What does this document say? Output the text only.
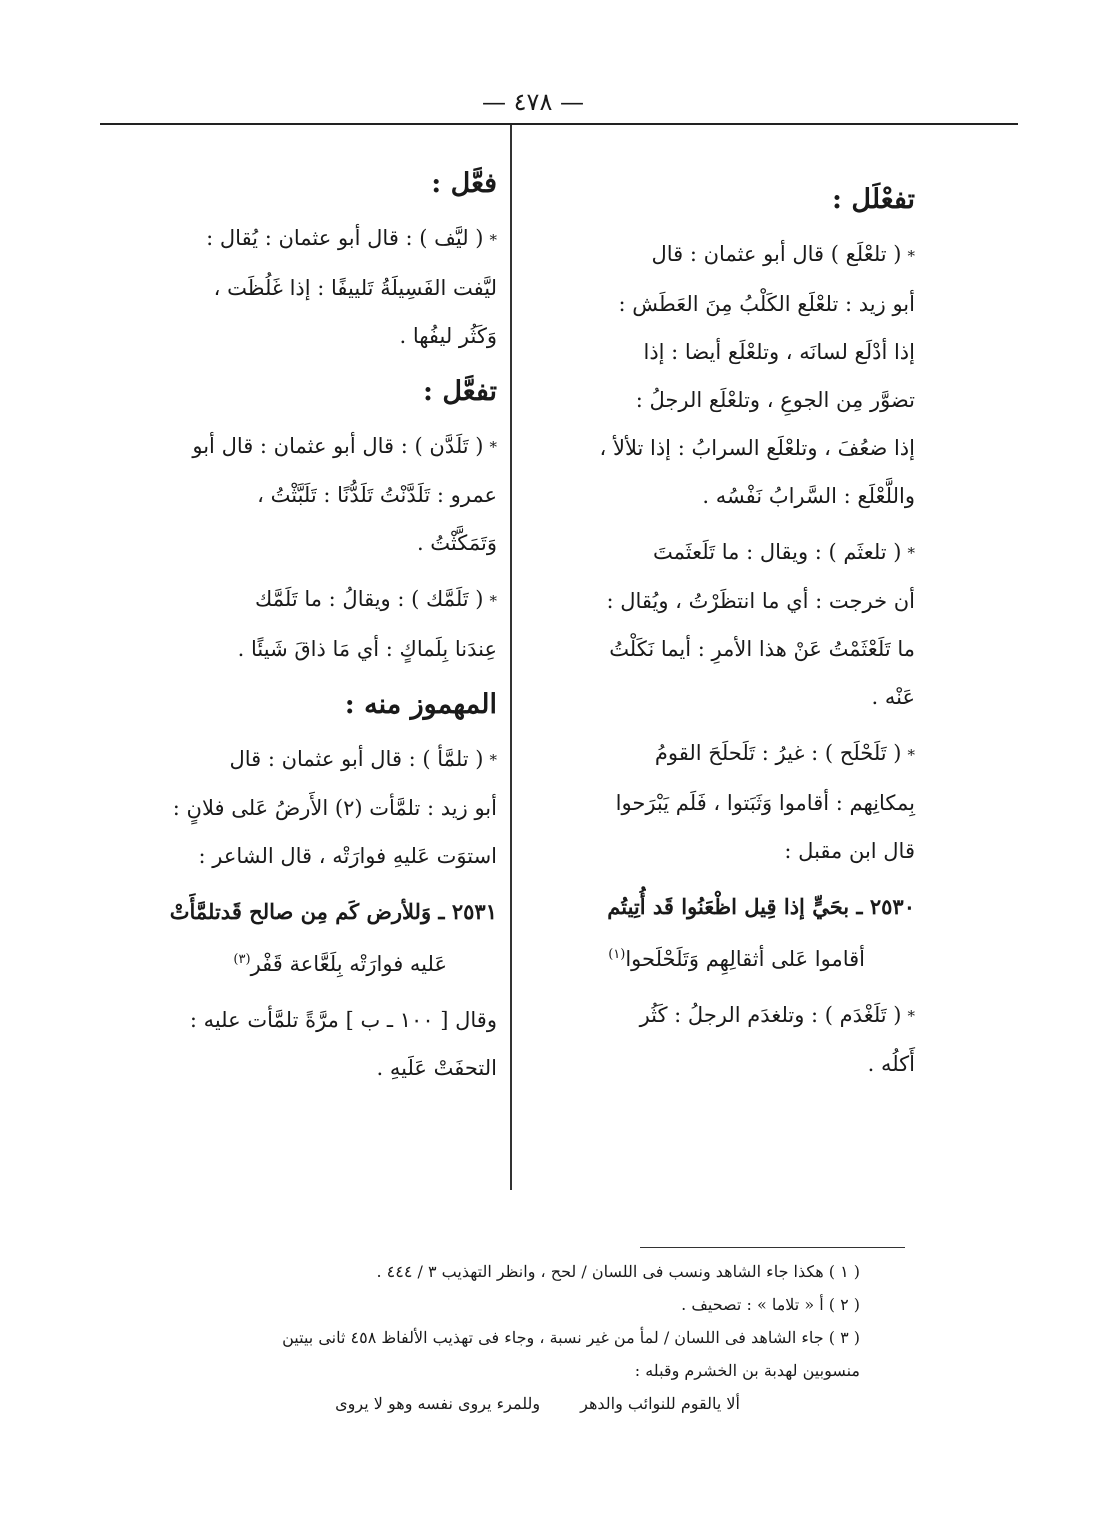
— ٤٧٨ —
تفعْلَل :

*( تلعْلَع ) قال أبو عثمان : قال

أبو زيد : تلعْلَع الكَلْبُ مِنَ العَطَش :

إذا أدْلَع لسانَه ، وتلعْلَع أيضا : إذا

تضوَّر مِن الجوعِ ، وتلعْلَع الرجلُ :

إذا ضعُفَ ، وتلعْلَع السرابُ : إذا تلألأ ،

واللَّعْلَع : السَّرابُ نَفْسُه .

*( تلعثَم ) : ويقال : ما تَلَعثَمتَ

أن خرجت : أي ما انتظَرْتُ ، ويُقال :

ما تَلَعْثَمْتُ عَنْ هذا الأمرِ : أيما نَكَلْتُ

عَنْه .

*( تَلَحْلَح ) : غيرُ : تَلَحلَحَ القومُ

بِمكانِهم : أقاموا وَثَبَتوا ، فَلَم يَبْرَحوا

قال ابن مقبل :

٢٥٣٠ ـ بحَيٍّ إذا قِيل اظْعَنُوا قَد أُتِيتُم

أقاموا عَلى أثقالِهِم وَتَلَحْلَحوا$^{(١)}$

*( تَلَغْدَم ) : وتلغدَم الرجلُ : كَثُر

أَكلُه .

فعَّل :

*( ليَّف ) : قال أبو عثمان : يُقال :

ليَّفت الفَسِيلَةُ تَلييفًا : إذا غَلُظَت ،

وَكَثُر ليفُها .

تفعَّل :

*( تَلَدَّن ) : قال أبو عثمان : قال أبو

عمرو : تَلَدَّنْتُ تَلَدُّنًا : تَلَبَّثْتُ ،

وَتَمَكَّثْتُ .

*( تَلَمَّك ) : ويقالُ : ما تَلَمَّك

عِندَنا بِلَماكٍ : أي مَا ذاقَ شَيئًا .

المهموز منه :

*( تلمَّأ ) : قال أبو عثمان : قال

أبو زيد : تلمَّأت (٢) الأَرضُ عَلى فلانٍ :

استوَت عَليهِ فوارَتْه ، قال الشاعر :

٢٥٣١ ـ وَللأرض كَم مِن صالح قَدتلمَّأَتْ

عَليه فوارَتْه بِلَعَّاعة قَفْر$^{(٣)}$

وقال [ ١٠٠ ـ ب ] مرَّةً تلمَّأت عليه :

التحفَتْ عَلَيهِ .

( ١ ) هكذا جاء الشاهد ونسب فى اللسان / لحح ، وانظر التهذيب ٣ / ٤٤٤ .

( ٢ ) أ « تلاما » : تصحيف .

( ٣ ) جاء الشاهد فى اللسان / لمأ من غير نسبة ، وجاء فى تهذيب الألفاظ ٤٥٨ ثانى بيتين

منسوبين لهدبة بن الخشرم وقبله :

ألا يالقوم للنوائب والدهر
وللمرء يروى نفسه وهو لا يروى
